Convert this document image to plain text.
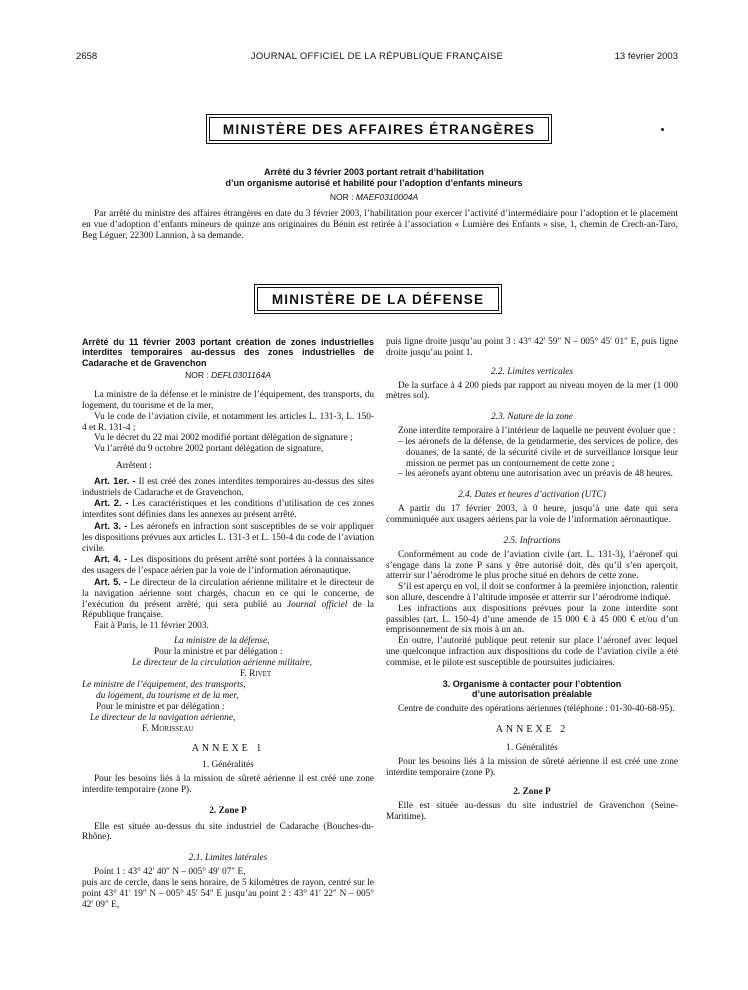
2658	JOURNAL OFFICIEL DE LA RÉPUBLIQUE FRANÇAISE	13 février 2003
MINISTÈRE DES AFFAIRES ÉTRANGÈRES
Arrêté du 3 février 2003 portant retrait d’habilitation
d’un organisme autorisé et habilité pour l’adoption d’enfants mineurs
NOR : MAEF0310004A

Par arrêté du ministre des affaires étrangères en date du 3 février 2003, l’habilitation pour exercer l’activité d’intermédiaire pour l’adoption et le placement en vue d’adoption d’enfants mineurs de quinze ans originaires du Bénin est retirée à l’association « Lumière des Enfants » sise, 1, chemin de Crech-an-Taro, Beg Léguer, 22300 Lannion, à sa demande.

MINISTÈRE DE LA DÉFENSE

Arrêté du 11 février 2003 portant création de zones industrielles interdites temporaires au-dessus des zones industrielles de Cadarache et de Gravenchon

NOR : DEFL0301164A

La ministre de la défense et le ministre de l’équipement, des transports, du logement, du tourisme et de la mer,

Vu le code de l’aviation civile, et notamment les articles L. 131-3, L. 150-4 et R. 131-4 ;

Vu le décret du 22 mai 2002 modifié portant délégation de signature ;

Vu l’arrêté du 9 octobre 2002 portant délégation de signature,

Arrêtent :

Art. 1er. - Il est créé des zones interdites temporaires au-dessus des sites industriels de Cadarache et de Gravenchon.

Art. 2. - Les caractéristiques et les conditions d’utilisation de ces zones interdites sont définies dans les annexes au présent arrêté.

Art. 3. - Les aéronefs en infraction sont susceptibles de se voir appliquer les dispositions prévues aux articles L. 131-3 et L. 150-4 du code de l’aviation civile.

Art. 4. - Les dispositions du présent arrêté sont portées à la connaissance des usagers de l’espace aérien par la voie de l’information aéronautique.

Art. 5. - Le directeur de la circulation aérienne militaire et le directeur de la navigation aérienne sont chargés, chacun en ce qui le concerne, de l’exécution du présent arrêté, qui sera publié au Journal officiel de la République française.

Fait à Paris, le 11 février 2003.

La ministre de la défense,
Pour la ministre et par délégation :
Le directeur de la circulation aérienne militaire,
F. Rivet
Le ministre de l’équipement, des transports,
du logement, du tourisme et de la mer,
Pour le ministre et par délégation :
Le directeur de la navigation aérienne,
F. Morisseau

ANNEXE 1

1. Généralités

Pour les besoins liés à la mission de sûreté aérienne il est créé une zone interdite temporaire (zone P).

2. Zone P

Elle est située au-dessus du site industriel de Cadarache (Bouches-du-Rhône).

2.1. Limites latérales

Point 1 : 43° 42′ 40″ N – 005° 49′ 07″ E,

puis arc de cercle, dans le sens horaire, de 5 kilomètres de rayon, centré sur le point 43° 41′ 19″ N – 005° 45′ 54″ E jusqu’au point 2 : 43° 41′ 22″ N – 005° 42′ 09″ E,

puis ligne droite jusqu’au point 3 : 43° 42′ 59″ N – 005° 45′ 01″ E, puis ligne droite jusqu’au point 1.

2.2. Limites verticales

De la surface à 4 200 pieds par rapport au niveau moyen de la mer (1 000 mètres sol).

2.3. Nature de la zone

Zone interdite temporaire à l’intérieur de laquelle ne peuvent évoluer que :

– les aéronefs de la défense, de la gendarmerie, des services de police, des douanes, de la santé, de la sécurité civile et de surveillance lorsque leur mission ne permet pas un contournement de cette zone ;

– les aéronefs ayant obtenu une autorisation avec un préavis de 48 heures.

2.4. Dates et heures d’activation (UTC)

A partir du 17 février 2003, à 0 heure, jusqu’à une date qui sera communiquée aux usagers aériens par la voie de l’information aéronautique.

2.5. Infractions

Conformément au code de l’aviation civile (art. L. 131-3), l’aéronef qui s’engage dans la zone P sans y être autorisé doit, dès qu’il s’en aperçoit, atterrir sur l’aérodrome le plus proche situé en dehors de cette zone.

S’il est aperçu en vol, il doit se conformer à la première injonction, ralentir son allure, descendre à l’altitude imposée et atterrir sur l’aérodrome indiqué.

Les infractions aux dispositions prévues pour la zone interdite sont passibles (art. L. 150-4) d’une amende de 15 000 € à 45 000 € et/ou d’un emprisonnement de six mois à un an.

En outre, l’autorité publique peut retenir sur place l’aéronef avec lequel une quelconque infraction aux dispositions du code de l’aviation civile a été commise, et le pilote est susceptible de poursuites judiciaires.

3. Organisme à contacter pour l’obtention
d’une autorisation préalable

Centre de conduite des opérations aériennes (téléphone : 01-30-40-68-95).

ANNEXE 2

1. Généralités

Pour les besoins liés à la mission de sûreté aérienne il est créé une zone interdite temporaire (zone P).

2. Zone P

Elle est située au-dessus du site industriel de Gravenchon (Seine-Maritime).
